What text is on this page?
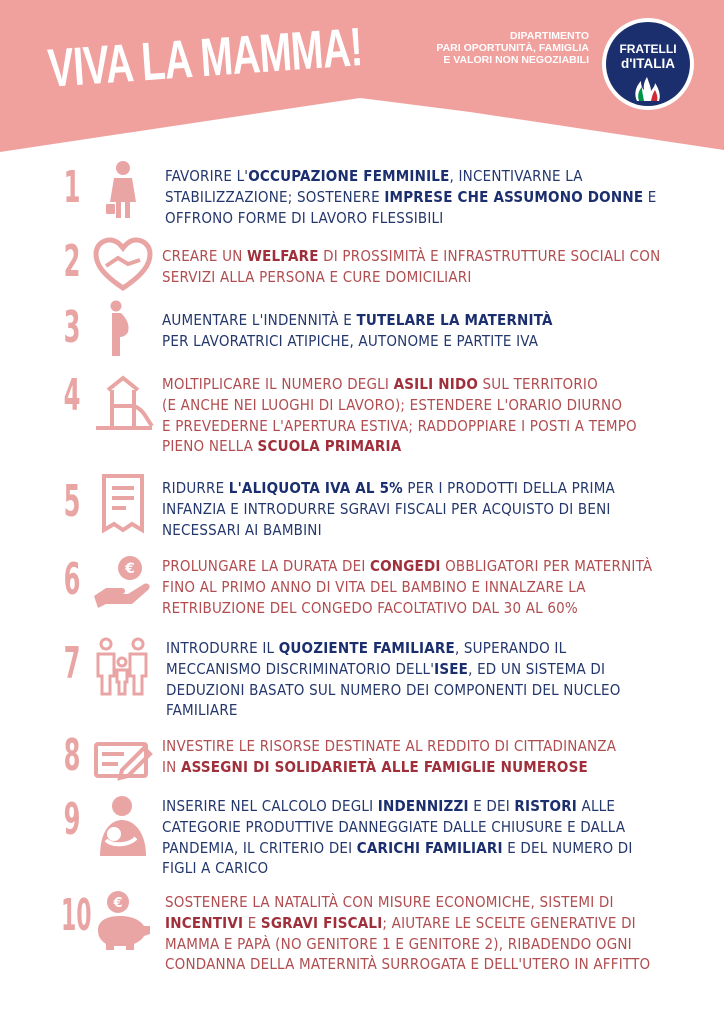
VIVA LA MAMMA!	DIPARTIMENTO
PARI OPORTUNITÀ, FAMIGLIA
E VALORI NON NEGOZIABILI
FRATELLI
d'ITALIA
1	FAVORIRE L'OCCUPAZIONE FEMMINILE, INCENTIVARNE LA
STABILIZZAZIONE; SOSTENERE IMPRESE CHE ASSUMONO DONNE E
OFFRONO FORME DI LAVORO FLESSIBILI
2	CREARE UN WELFARE DI PROSSIMITÀ E INFRASTRUTTURE SOCIALI CON
SERVIZI ALLA PERSONA E CURE DOMICILIARI
3	AUMENTARE L'INDENNITÀ E TUTELARE LA MATERNITÀ
PER LAVORATRICI ATIPICHE, AUTONOME E PARTITE IVA
4	MOLTIPLICARE IL NUMERO DEGLI ASILI NIDO SUL TERRITORIO
(E ANCHE NEI LUOGHI DI LAVORO); ESTENDERE L'ORARIO DIURNO
E PREVEDERNE L'APERTURA ESTIVA; RADDOPPIARE I POSTI A TEMPO
PIENO NELLA SCUOLA PRIMARIA
5	RIDURRE L'ALIQUOTA IVA AL 5% PER I PRODOTTI DELLA PRIMA
INFANZIA E INTRODURRE SGRAVI FISCALI PER ACQUISTO DI BENI
NECESSARI AI BAMBINI
6	€ PROLUNGARE LA DURATA DEI CONGEDI OBBLIGATORI PER MATERNITÀ
FINO AL PRIMO ANNO DI VITA DEL BAMBINO E INNALZARE LA
RETRIBUZIONE DEL CONGEDO FACOLTATIVO DAL 30 AL 60%
7	INTRODURRE IL QUOZIENTE FAMILIARE, SUPERANDO IL
MECCANISMO DISCRIMINATORIO DELL'ISEE, ED UN SISTEMA DI
DEDUZIONI BASATO SUL NUMERO DEI COMPONENTI DEL NUCLEO
FAMILIARE
8	INVESTIRE LE RISORSE DESTINATE AL REDDITO DI CITTADINANZA
IN ASSEGNI DI SOLIDARIETÀ ALLE FAMIGLIE NUMEROSE
9	INSERIRE NEL CALCOLO DEGLI INDENNIZZI E DEI RISTORI ALLE
CATEGORIE PRODUTTIVE DANNEGGIATE DALLE CHIUSURE E DALLA
PANDEMIA, IL CRITERIO DEI CARICHI FAMILIARI E DEL NUMERO DI
FIGLI A CARICO
10 €	SOSTENERE LA NATALITÀ CON MISURE ECONOMICHE, SISTEMI DI
INCENTIVI E SGRAVI FISCALI; AIUTARE LE SCELTE GENERATIVE DI
MAMMA E PAPÀ (NO GENITORE 1 E GENITORE 2), RIBADENDO OGNI
CONDANNA DELLA MATERNITÀ SURROGATA E DELL'UTERO IN AFFITTO
